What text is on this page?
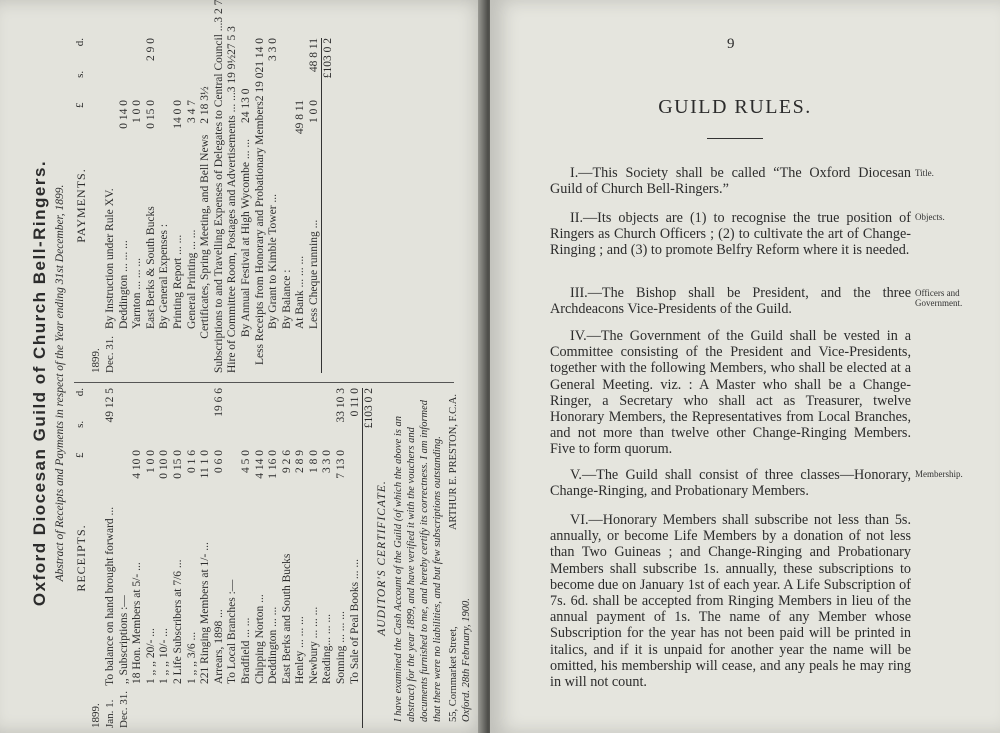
Oxford Diocesan Guild of Church Bell-Ringers. Abstract of Receipts and Payments in respect of the Year ending 31st December, 1899. RECEIPTS.
£
s.
d.
1899. Jan. 1.
To balance on hand brought forward ...
49 12 5
Dec. 31.
,, Subscriptions :— 18 Hon. Members at 5/- ...
4 10 0
1 ,, ,, 20/- ...
1 0 0
1 ,, ,, 10/- ...
0 10 0
2 Life Subscribers at 7/6 ...
0 15 0
1 ,, ,, 3/6 ...
0 1 6
221 Ringing Members at 1/- ...
11 1 0
Arrears, 1898 ...
0 6 0
19 6 6
To Local Branches :— Bradfield ... ...
4 5 0
Chipping Norton ...
4 14 0
Deddington ... ...
1 16 0
East Berks and South Bucks
9 2 6
Henley ... ... ...
2 8 9
Newbury ... ... ...
1 8 0
Reading... ... ...
3 3 0
Sonning ... ... ...
7 13 0
33 10 3
To Sale of Peal Books ... ...
0 11 0 £103 0 2
PAYMENTS.
£
s.
d.
1899. Dec. 31.
By Instruction under Rule XV. Deddington ... ... ...
0 14 0
Yarnton ... ... ...
1 0 0
East Berks & South Bucks
0 15 0
2 9 0
By General Expenses : Printing Report ... ...
14 0 0
General Printing ... ...
3 4 7
Certificates, Spring Meeting, and Bell News
2 18 3½ Subscriptions to and Travelling Expenses of Delegates to Central Council ...
3 2 7
Hire of Committee Room, Postages and Advertisements ... ...
3 19 9½
27 5 3
By Annual Festival at High Wycombe ... ...
24 13 0 Less Receipts from Honorary and Probationary Members
2 19 0
21 14 0
By Grant to Kimble Tower ...
3 3 0
By Balance : At Bank ... ... ...
49 8 11
Less Cheque running ...
1 0 0
48 8 11 £103 0 2
AUDITOR'S CERTIFICATE. I have examined the Cash Account of the Guild (of which the above is an abstract) for the year 1899, and have verified it with the vouchers and documents furnished to me, and hereby certify its correctness. I am informed that there were no liabilities, and but few subscriptions outstanding. 55, Cornmarket Street,
ARTHUR E. PRESTON, F.C.A.
Oxford. 28th February, 1900.
9
GUILD RULES.
I.—This Society shall be called “The Oxford Diocesan Guild of Church Bell-Ringers.”
Title.
II.—Its objects are (1) to recognise the true position of Ringers as Church Officers ; (2) to cultivate the art of Change-Ringing ; and (3) to promote Belfry Reform where it is needed.
Objects.
III.—The Bishop shall be President, and the three Archdeacons Vice-Presidents of the Guild.
Officers and Government.
IV.—The Government of the Guild shall be vested in a Committee consisting of the President and Vice-Presidents, together with the following Members, who shall be elected at a General Meeting. viz. : A Master who shall be a Change-Ringer, a Secretary who shall act as Treasurer, twelve Honorary Members, the Representatives from Local Branches, and not more than twelve other Change-Ringing Members. Five to form quorum.
V.—The Guild shall consist of three classes—Honorary, Change-Ringing, and Probationary Members.
Membership.
VI.—Honorary Members shall subscribe not less than 5s. annually, or become Life Members by a donation of not less than Two Guineas ; and Change-Ringing and Probationary Members shall subscribe 1s. annually, these subscriptions to become due on January 1st of each year. A Life Subscription of 7s. 6d. shall be accepted from Ringing Members in lieu of the annual payment of 1s. The name of any Member whose Subscription for the year has not been paid will be printed in italics, and if it is unpaid for another year the name will be omitted, his membership will cease, and any peals he may ring in will not count.
